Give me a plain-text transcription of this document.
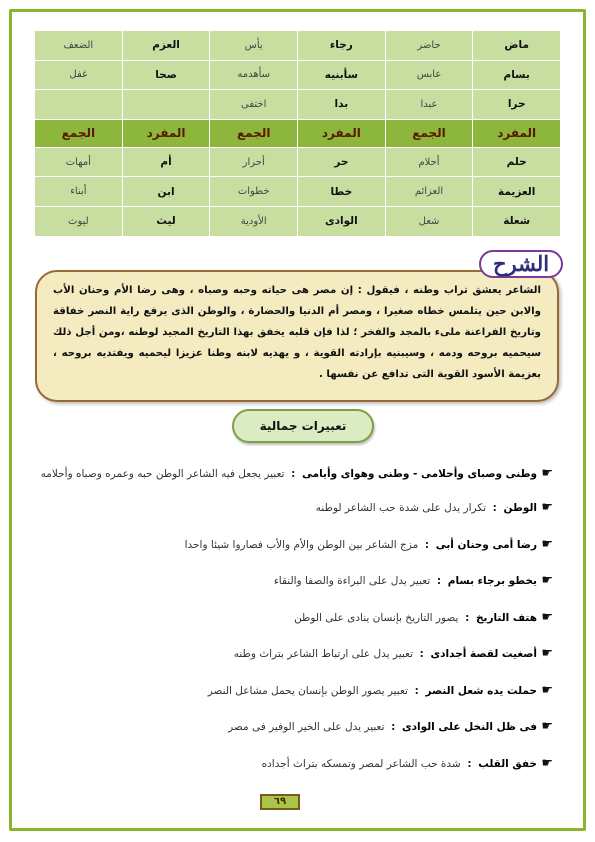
ماض	حاضر	رجاء	يأس	العزم	الضعف
بسام	عابس	سأبنيه	سأهدمه	صحا	غفل
حرا	عبدا	بدا	اختفى		
المفرد	الجمع	المفرد	الجمع	المفرد	الجمع
حلم	أحلام	حر	أحرار	أم	أمهات
العزيمة	العزائم	خطا	خطوات	ابن	أبناء
شعلة	شعل	الوادى	الأودية	ليث	ليوث

الشاعر يعشق تراب وطنه ، فيقول : إن مصر هى حياته وحبه وصباه ، وهى رضا الأم وحنان الأب والابن حين يتلمس خطاه صغيرا ، ومصر أم الدنيا والحضارة ، والوطن الذى يرفع راية النصر خفاقة وتاريخ الفراعنة ملىء بالمجد والفخر ؛ لذا فإن قلبه يخفق بهذا التاريخ المجيد لوطنه ،ومن أجل ذلك سيحميه بروحه ودمه ، وسيبنيه بإرادته القوية ، و يهديه لابنه وطنا عزيزا ليحميه ويفتديه بروحه ، بعزيمة الأسود القوية التى تدافع عن نفسها .

الشرح
تعبيرات جمالية
☛
وطنى وصباى وأحلامى - وطنى وهواى وأيامى : تعبير يجعل فيه الشاعر الوطن حبه وعمره وصباه وأحلامه
☛
الوطن : تكرار يدل على شدة حب الشاعر لوطنه
☛
رضا أمى وحنان أبى : مزج الشاعر بين الوطن والأم والأب فصاروا شيئا واحدا
☛
يخطو برجاء بسام : تعبير يدل على البراءة والصفا والنقاء
☛
هتف التاريخ : يصور التاريخ بإنسان ينادى على الوطن
☛
أصغيت لقصة أجدادى : تعبير يدل على ارتباط الشاعر بتراث وطنه
☛
حملت يده شعل النصر : تعبير يصور الوطن بإنسان يحمل مشاعل النصر
☛
فى ظل النخل على الوادى : تعبير يدل على الخير الوفير فى مصر
☛
خفق القلب : شدة حب الشاعر لمصر وتمسكه بتراث أجداده
٦٩
